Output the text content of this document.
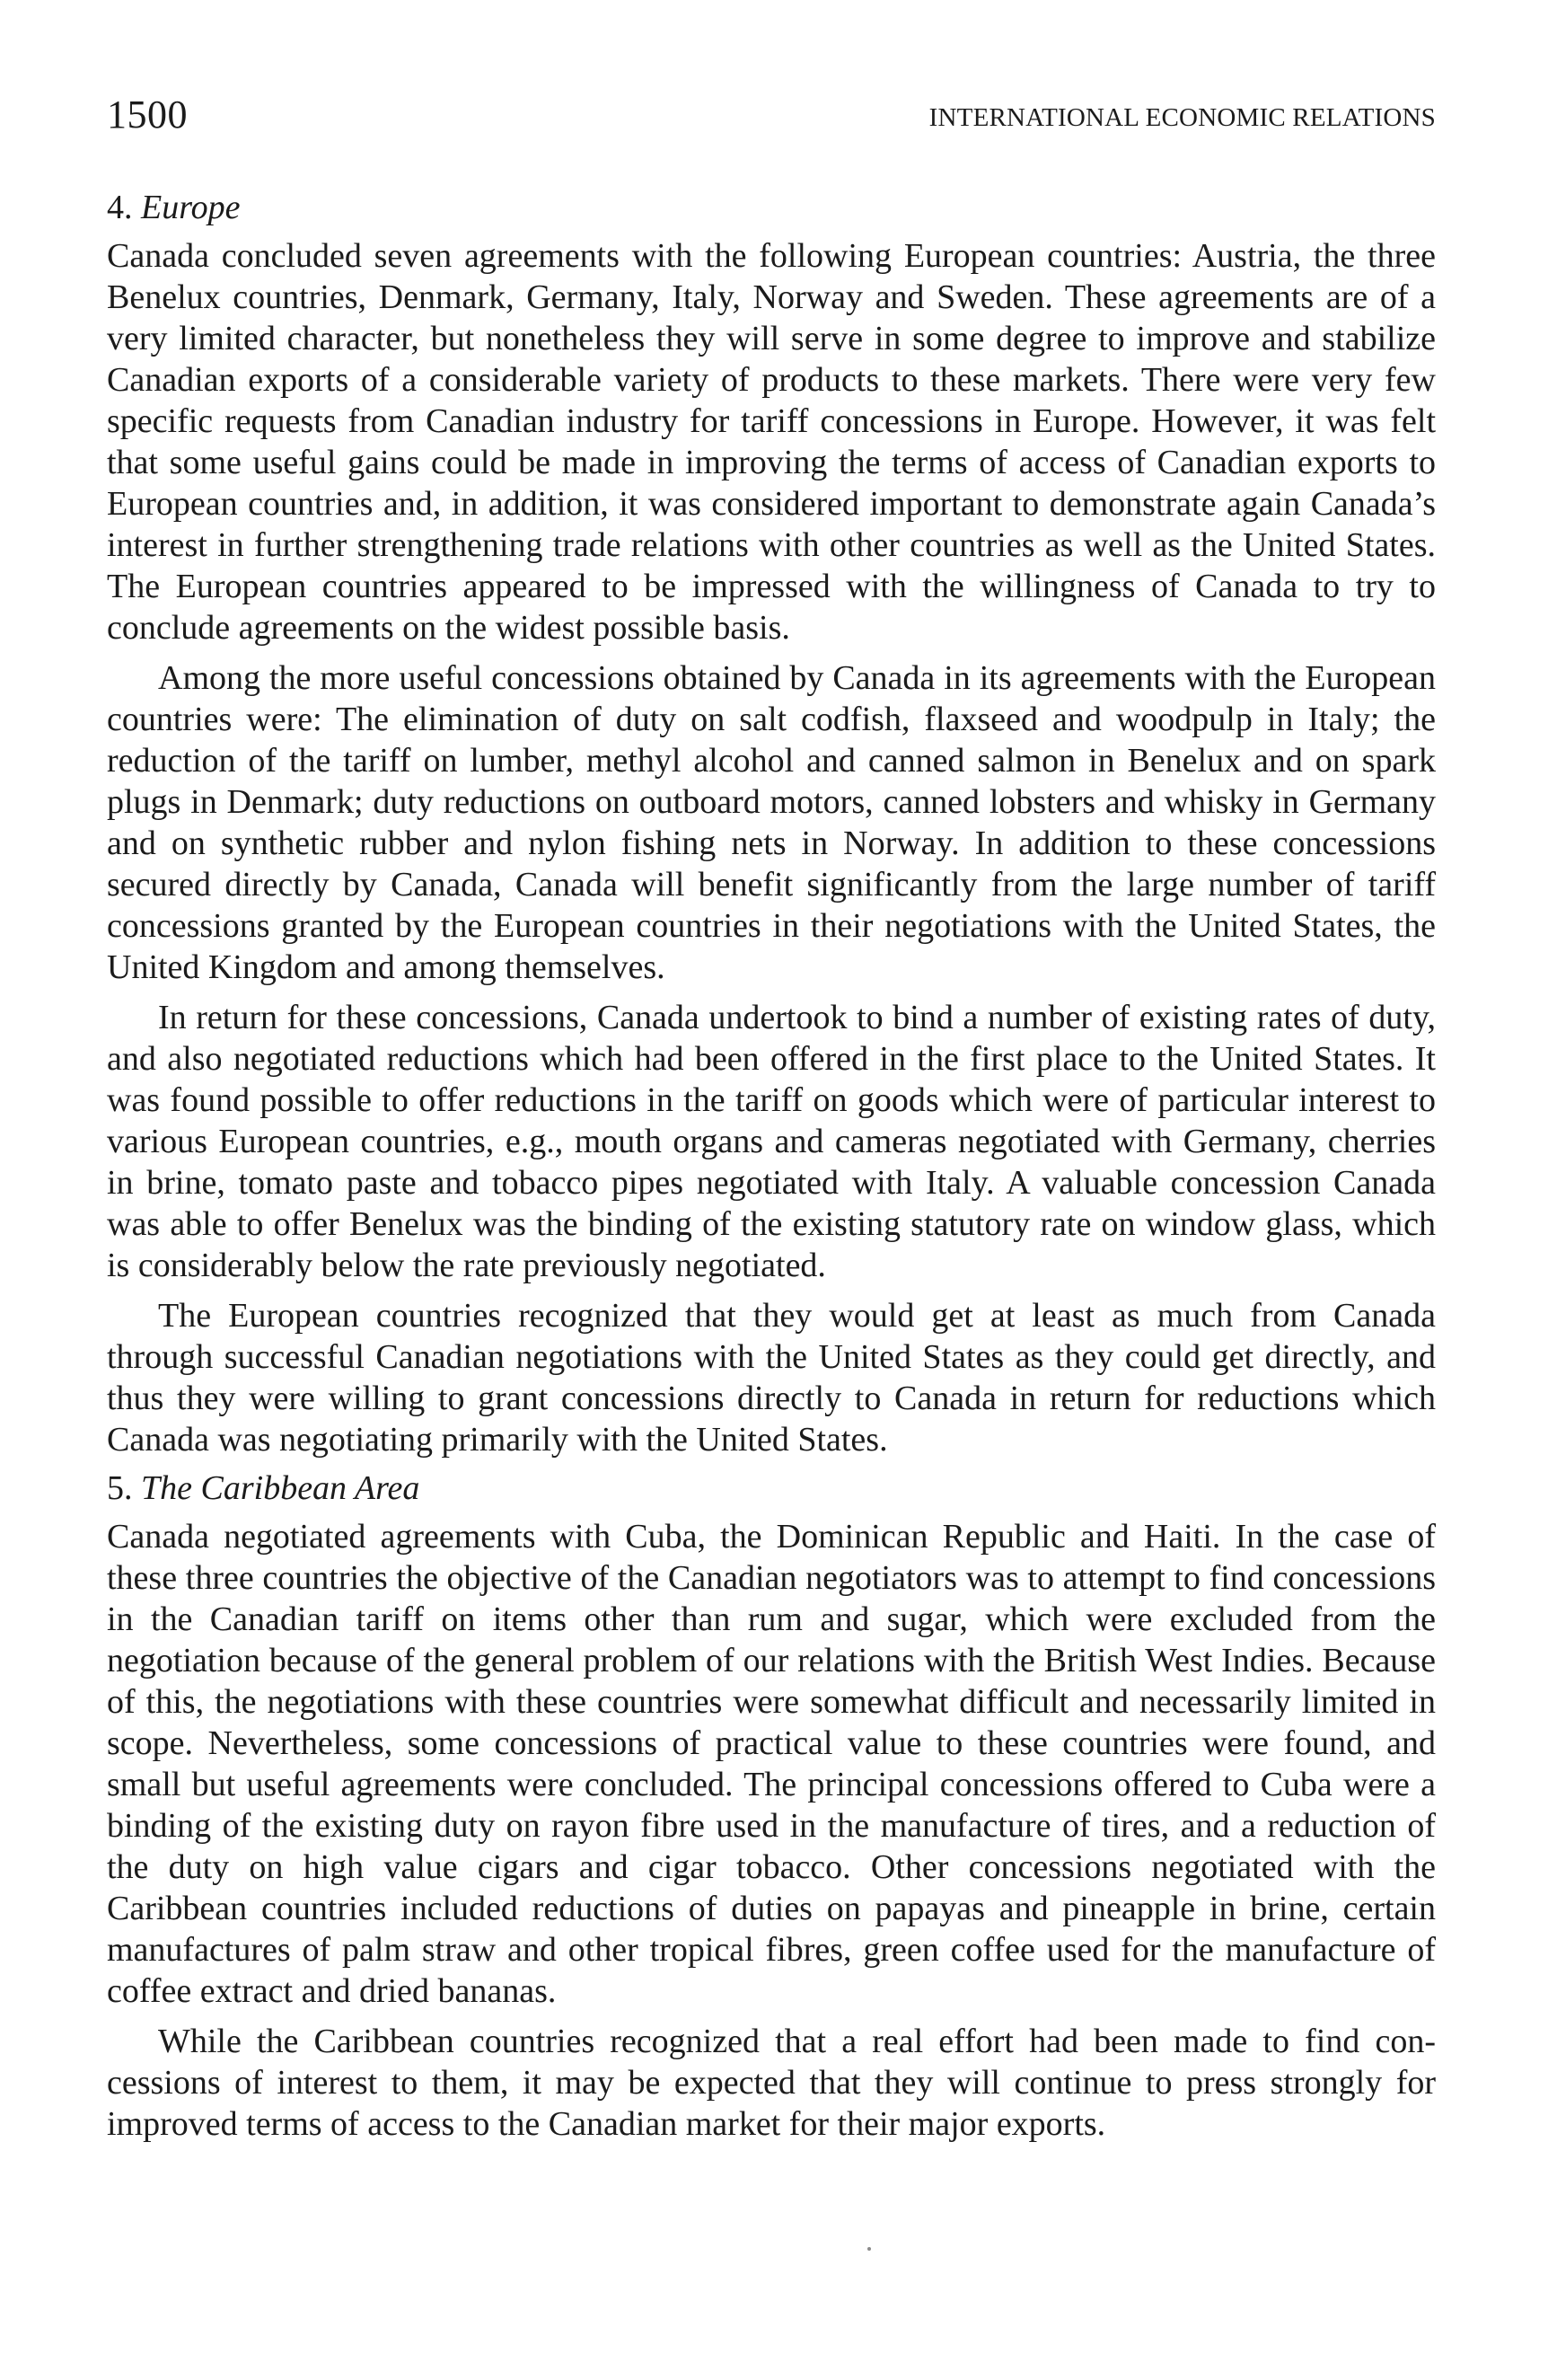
1500	INTERNATIONAL ECONOMIC RELATIONS
4. Europe

Canada concluded seven agreements with the following European countries: Austria, the three Benelux countries, Denmark, Germany, Italy, Norway and Sweden. These agreements are of a very limited character, but nonetheless they will serve in some degree to improve and stabilize Canadian exports of a considerable variety of products to these markets. There were very few specific requests from Canadian industry for tariff concessions in Europe. However, it was felt that some useful gains could be made in improving the terms of access of Canadian exports to European countries and, in addition, it was considered important to demonstrate again Canada’s interest in further strengthening trade relations with other countries as well as the United States. The European countries appeared to be impressed with the willingness of Canada to try to conclude agreements on the widest possible basis.

Among the more useful concessions obtained by Canada in its agreements with the European countries were: The elimination of duty on salt codfish, flaxseed and woodpulp in Italy; the reduction of the tariff on lumber, methyl alcohol and canned salmon in Benelux and on spark plugs in Denmark; duty reductions on outboard motors, canned lobsters and whisky in Germany and on synthetic rubber and nylon fishing nets in Norway. In addition to these concessions secured directly by Canada, Canada will benefit significantly from the large number of tariff concessions granted by the European countries in their negotiations with the United States, the United Kingdom and among themselves.

In return for these concessions, Canada undertook to bind a number of existing rates of duty, and also negotiated reductions which had been offered in the first place to the United States. It was found possible to offer reductions in the tariff on goods which were of particular interest to various European countries, e.g., mouth organs and cameras negotiated with Germany, cherries in brine, tomato paste and tobacco pipes negotiated with Italy. A valuable concession Canada was able to offer Benelux was the binding of the existing statutory rate on window glass, which is considerably below the rate previously negotiated.

The European countries recognized that they would get at least as much from Canada through successful Canadian negotiations with the United States as they could get directly, and thus they were willing to grant concessions directly to Canada in return for reductions which Canada was negotiating primarily with the United States.

5. The Caribbean Area

Canada negotiated agreements with Cuba, the Dominican Republic and Haiti. In the case of these three countries the objective of the Canadian negotiators was to attempt to find concessions in the Canadian tariff on items other than rum and sugar, which were excluded from the negotiation because of the general problem of our relations with the British West Indies. Because of this, the negotiations with these countries were somewhat difficult and necessarily limited in scope. Nevertheless, some concessions of practical value to these countries were found, and small but useful agreements were concluded. The principal concessions offered to Cuba were a binding of the existing duty on rayon fibre used in the manufacture of tires, and a reduction of the duty on high value cigars and cigar tobacco. Other concessions negotiated with the Caribbean countries included reductions of duties on papayas and pineapple in brine, certain manufactures of palm straw and other tropical fibres, green coffee used for the manufacture of coffee extract and dried bananas.

While the Caribbean countries recognized that a real effort had been made to find concessions of interest to them, it may be expected that they will continue to press strongly for improved terms of access to the Canadian market for their major exports.
